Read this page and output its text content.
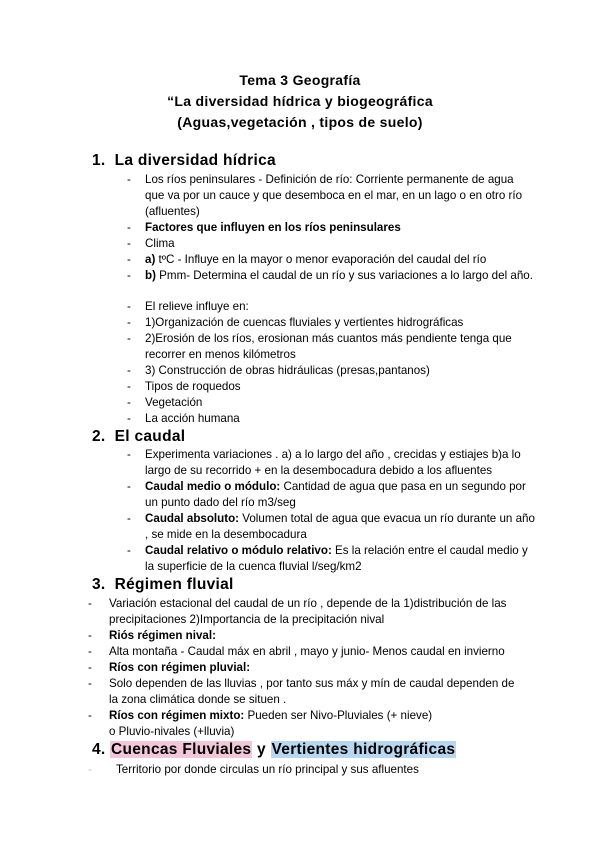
Tema 3 Geografía
“La diversidad hídrica y biogeográfica
(Aguas,vegetación , tipos de suelo)
1. La diversidad hídrica
- Los ríos peninsulares - Definición de río: Corriente permanente de agua que va por un cauce y que desemboca en el mar, en un lago o en otro río (afluentes)
- Factores que influyen en los ríos peninsulares
- Clima
- a) tºC - Influye en la mayor o menor evaporación del caudal del río
- b) Pmm- Determina el caudal de un río y sus variaciones a lo largo del año.
- El relieve influye en:
- 1)Organización de cuencas fluviales y vertientes hidrográficas
- 2)Erosión de los ríos, erosionan más cuantos más pendiente tenga que recorrer en menos kilómetros
- 3) Construcción de obras hidráulicas (presas,pantanos)
- Tipos de roquedos
- Vegetación
- La acción humana
2. El caudal
- Experimenta variaciones . a) a lo largo del año , crecidas y estiajes b)a lo largo de su recorrido + en la desembocadura debido a los afluentes
- Caudal medio o módulo: Cantidad de agua que pasa en un segundo por un punto dado del río m3/seg
- Caudal absoluto: Volumen total de agua que evacua un río durante un año , se mide en la desembocadura
- Caudal relativo o módulo relativo: Es la relación entre el caudal medio y la superficie de la cuenca fluvial l/seg/km2
3. Régimen fluvial
- Variación estacional del caudal de un río , depende de la 1)distribución de las precipitaciones 2)Importancia de la precipitación nival
- Riós régimen nival:
- Alta montaña - Caudal máx en abril , mayo y junio- Menos caudal en invierno
- Ríos con régimen pluvial:
- Solo dependen de las lluvias , por tanto sus máx y mín de caudal dependen de la zona climática donde se situen .
- Ríos con régimen mixto: Pueden ser Nivo-Pluviales (+ nieve) o Pluvio-nivales (+lluvia)
4. Cuencas Fluviales y Vertientes hidrográficas
- Territorio por donde circulas un río principal y sus afluentes
